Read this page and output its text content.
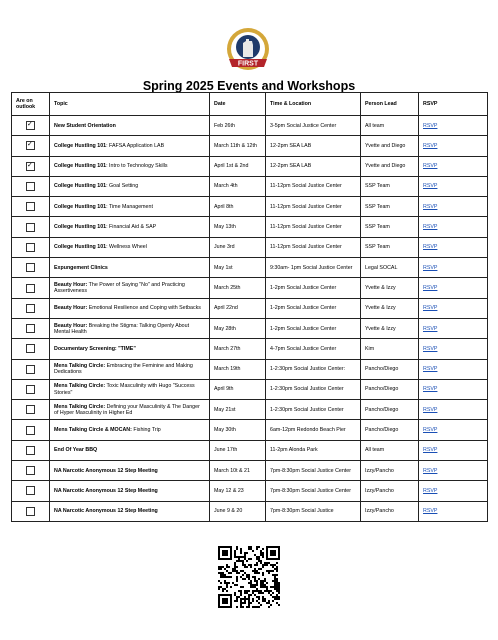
FIRST
Spring 2025 Events and Workshops
Are on outlook	Topic	Date	Time & Location	Person Lead	RSVP

✓	New Student Orientation	Feb 26th	3-5pm Social Justice Center	All team	RSVP

✓	College Hustling 101: FAFSA Application LAB	March 11th & 12th	12-2pm SEA LAB	Yvette and Diego	RSVP

✓	College Hustling 101: Intro to Technology Skills	April 1st & 2nd	12-2pm SEA LAB	Yvette and Diego	RSVP
	College Hustling 101: Goal Setting	March 4th	11-12pm Social Justice Center	SSP Team	RSVP
	College Hustling 101: Time Management	April 8th	11-12pm Social Justice Center	SSP Team	RSVP
	College Hustling 101: Financial Aid & SAP	May 13th	11-12pm Social Justice Center	SSP Team	RSVP
	College Hustling 101: Wellness Wheel	June 3rd	11-12pm Social Justice Center	SSP Team	RSVP
	Expungement Clinics	May 1st	9:30am- 1pm Social Justice Center	Legal SOCAL	RSVP
	Beauty Hour: The Power of Saying "No" and Practicing Assertiveness	March 25th	1-2pm Social Justice Center	Yvette & Izzy	RSVP
	Beauty Hour: Emotional Resilience and Coping with Setbacks	April 22nd	1-2pm Social Justice Center	Yvette & Izzy	RSVP
	Beauty Hour: Breaking the Stigma: Talking Openly About Mental Health	May 28th	1-2pm Social Justice Center	Yvette & Izzy	RSVP
	Documentary Screening: "TIME"	March 27th	4-7pm Social Justice Center	Kim	RSVP
	Mens Talking Circle: Embracing the Feminine and Making Dedications	March 19th	1-2:30pm Social Justice Center:	Pancho/Diego	RSVP
	Mens Talking Circle: Toxic Masculinity with Hugo "Success Stories"	April 9th	1-2:30pm Social Justice Center	Pancho/Diego	RSVP
	Mens Talking Circle: Defining your Masculinity & The Danger of Hyper Masculinity in Higher Ed	May 21st	1-2:30pm Social Justice Center	Pancho/Diego	RSVP
	Mens Talking Circle & MOCAN: Fishing Trip	May 30th	6am-12pm Redondo Beach Pier	Pancho/Diego	RSVP
	End Of Year BBQ	June 17th	11-2pm Alonda Park	All team	RSVP
	NA Narcotic Anonymous 12 Step Meeting	March 10t & 21	7pm-8:30pm Social Justice Center	Izzy/Pancho	RSVP
	NA Narcotic Anonymous 12 Step Meeting	May 12 & 23	7pm-8:30pm Social Justice Center	Izzy/Pancho	RSVP
	NA Narcotic Anonymous 12 Step Meeting	June 9 & 20	7pm-8:30pm Social Justice	Izzy/Pancho	RSVP
